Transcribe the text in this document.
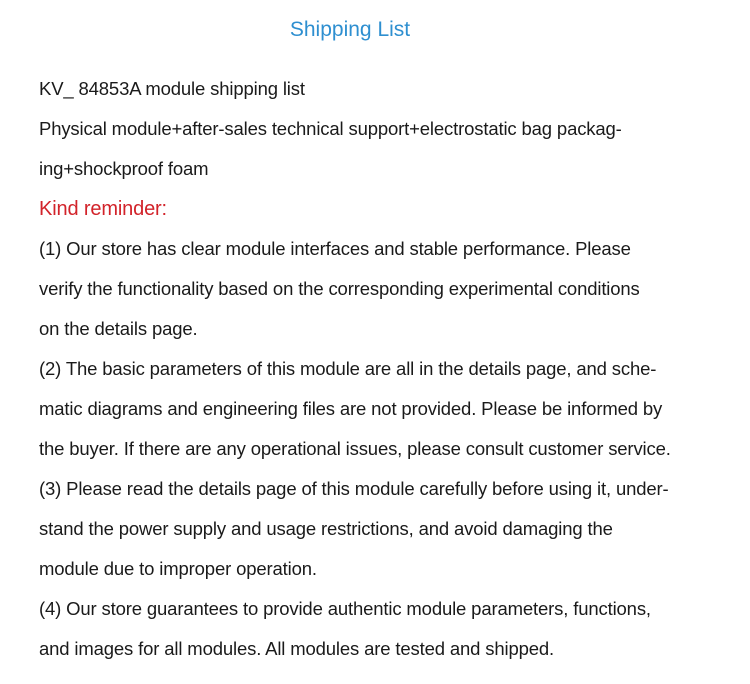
Shipping List
KV_ 84853A module shipping list
Physical module+after-sales technical support+electrostatic bag packag-
ing+shockproof foam
Kind reminder:
(1) Our store has clear module interfaces and stable performance. Please
verify the functionality based on the corresponding experimental conditions
on the details page.
(2) The basic parameters of this module are all in the details page, and sche-
matic diagrams and engineering files are not provided. Please be informed by
the buyer. If there are any operational issues, please consult customer service.
(3) Please read the details page of this module carefully before using it, under-
stand the power supply and usage restrictions, and avoid damaging the
module due to improper operation.
(4) Our store guarantees to provide authentic module parameters, functions,
and images for all modules. All modules are tested and shipped.
